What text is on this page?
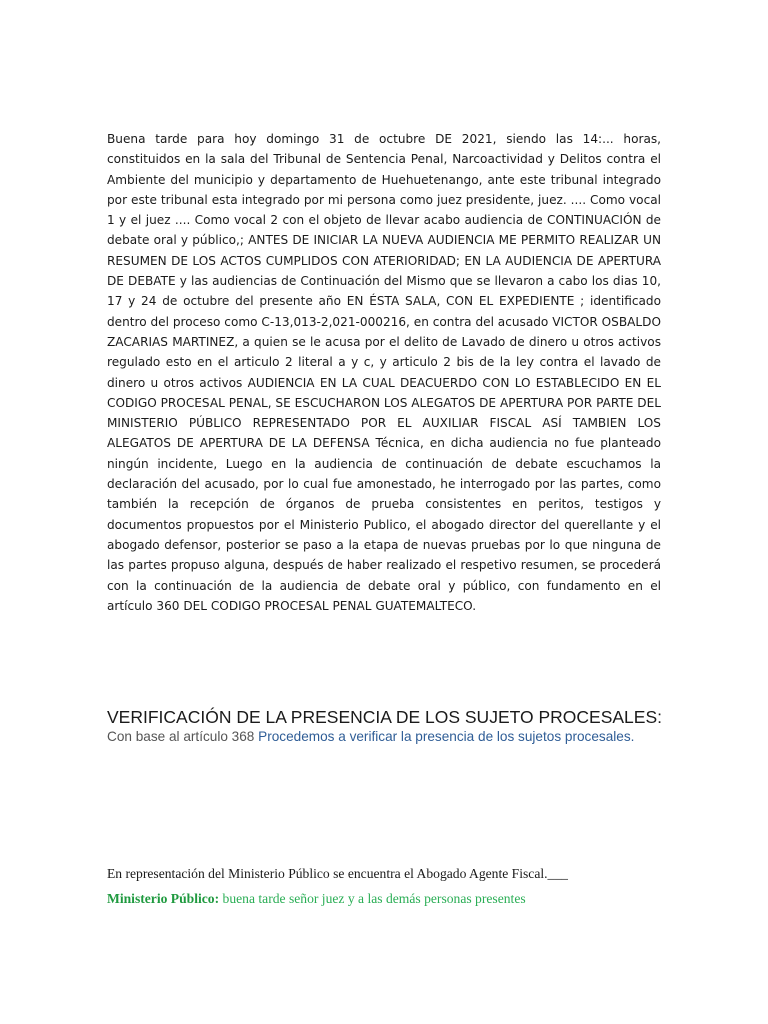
Buena tarde para hoy domingo 31 de octubre DE 2021, siendo las 14:... horas, constituidos en la sala del Tribunal de Sentencia Penal, Narcoactividad y Delitos contra el Ambiente del municipio y departamento de Huehuetenango, ante este tribunal integrado por este tribunal esta integrado por mi persona como juez presidente, juez. .... Como vocal 1 y el juez .... Como vocal 2 con el objeto de llevar acabo audiencia de CONTINUACIÓN de debate oral y público,; ANTES DE INICIAR LA NUEVA AUDIENCIA ME PERMITO REALIZAR UN RESUMEN DE LOS ACTOS CUMPLIDOS CON ATERIORIDAD; EN LA AUDIENCIA DE APERTURA DE DEBATE y las audiencias de Continuación del Mismo que se llevaron a cabo los dias 10, 17 y 24 de octubre del presente año EN ÉSTA SALA, CON EL EXPEDIENTE ; identificado dentro del proceso como C-13,013-2,021-000216, en contra del acusado VICTOR OSBALDO ZACARIAS MARTINEZ, a quien se le acusa por el delito de Lavado de dinero u otros activos regulado esto en el articulo 2 literal a y c, y articulo 2 bis de la ley contra el lavado de dinero u otros activos AUDIENCIA EN LA CUAL DEACUERDO CON LO ESTABLECIDO EN EL CODIGO PROCESAL PENAL, SE ESCUCHARON LOS ALEGATOS DE APERTURA POR PARTE DEL MINISTERIO PÚBLICO REPRESENTADO POR EL AUXILIAR FISCAL ASÍ TAMBIEN LOS ALEGATOS DE APERTURA DE LA DEFENSA Técnica, en dicha audiencia no fue planteado ningún incidente, Luego en la audiencia de continuación de debate escuchamos la declaración del acusado, por lo cual fue amonestado, he interrogado por las partes, como también la recepción de órganos de prueba consistentes en peritos, testigos y documentos propuestos por el Ministerio Publico, el abogado director del querellante y el abogado defensor, posterior se paso a la etapa de nuevas pruebas por lo que ninguna de las partes propuso alguna, después de haber realizado el respetivo resumen, se procederá con la continuación de la audiencia de debate oral y público, con fundamento en el artículo 360 DEL CODIGO PROCESAL PENAL GUATEMALTECO.
VERIFICACIÓN DE LA PRESENCIA DE LOS SUJETO PROCESALES: Con base al artículo 368 Procedemos a verificar la presencia de los sujetos procesales.
En representación del Ministerio Público se encuentra el Abogado Agente Fiscal.___
Ministerio Público: buena tarde señor juez y a las demás personas presentes
